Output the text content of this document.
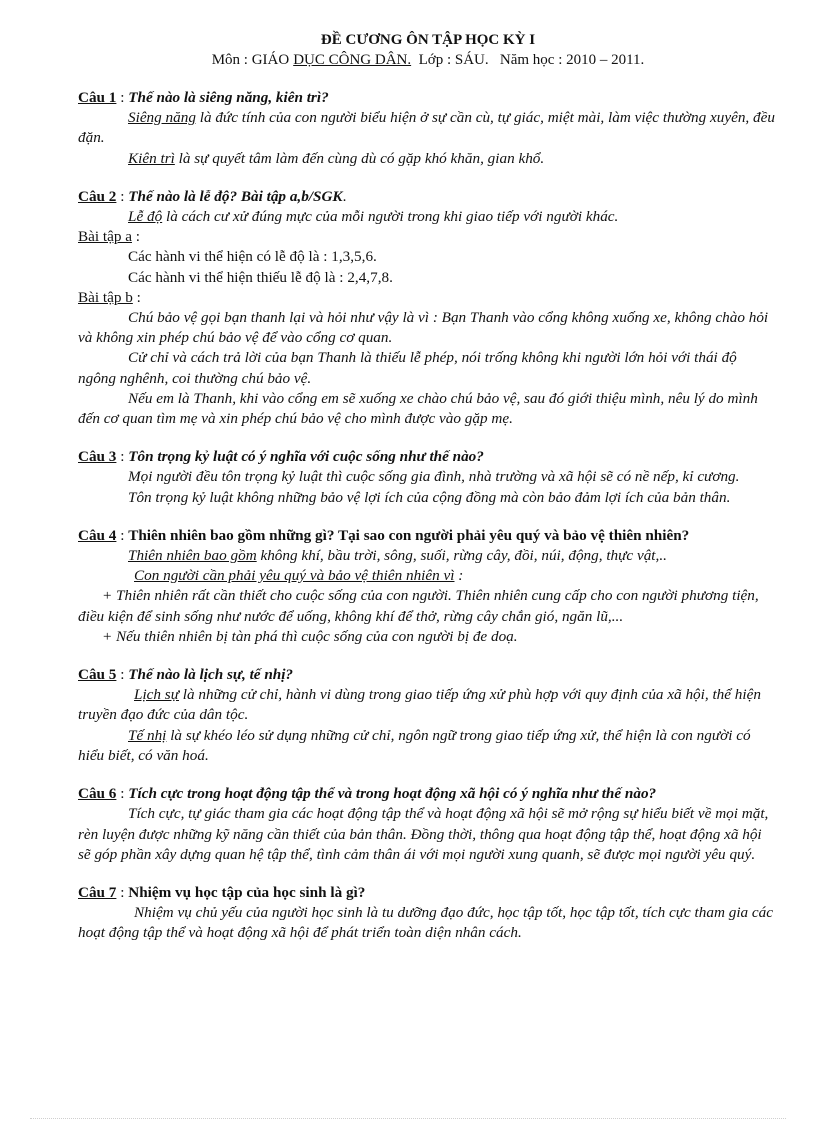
ĐỀ CƯƠNG ÔN TẬP HỌC KỲ I

Môn : GIÁO DỤC CÔNG DÂN.  Lớp : SÁU.   Năm học : 2010 – 2011.

Câu 1 : Thế nào là siêng năng, kiên trì?

Siêng năng là đức tính của con người biểu hiện ở sự cần cù, tự giác, miệt mài, làm việc thường xuyên, đều đặn.

Kiên trì là sự quyết tâm làm đến cùng dù có gặp khó khăn, gian khổ.

Câu 2 : Thế nào là lễ độ? Bài tập a,b/SGK.

Lễ độ là cách cư xử đúng mực của mỗi người trong khi giao tiếp với người khác.

Bài tập a :

Các hành vi thể hiện có lễ độ là : 1,3,5,6.

Các hành vi thể hiện thiếu lễ độ là : 2,4,7,8.

Bài tập b :

Chú bảo vệ gọi bạn thanh lại và hỏi như vậy là vì : Bạn Thanh vào cổng không xuống xe, không chào hỏi và không xin phép chú bảo vệ để vào cổng cơ quan.

Cử chỉ và cách trả lời của bạn Thanh là thiếu lễ phép, nói trống không khi người lớn hỏi với thái độ ngông nghênh, coi thường chú bảo vệ.

Nếu em là Thanh, khi vào cổng em sẽ xuống xe chào chú bảo vệ, sau đó giới thiệu mình, nêu lý do mình đến cơ quan tìm mẹ và xin phép chú bảo vệ cho mình được vào gặp mẹ.

Câu 3 : Tôn trọng kỷ luật có ý nghĩa với cuộc sống như thế nào?

Mọi người đều tôn trọng kỷ luật thì cuộc sống gia đình, nhà trường và xã hội sẽ có nề nếp, kỉ cương.

Tôn trọng kỷ luật không những bảo vệ lợi ích của cộng đồng mà còn bảo đảm lợi ích của bản thân.

Câu 4 : Thiên nhiên bao gồm những gì? Tại sao con người phải yêu quý và bảo vệ thiên nhiên?

Thiên nhiên bao gồm không khí, bầu trời, sông, suối, rừng cây, đồi, núi, động, thực vật,..

Con người cần phải yêu quý và bảo vệ thiên nhiên vì :

+ Thiên nhiên rất cần thiết cho cuộc sống của con người. Thiên nhiên cung cấp cho con người phương tiện, điều kiện để sinh sống như nước để uống, không khí để thở, rừng cây chắn gió, ngăn lũ,...

+ Nếu thiên nhiên bị tàn phá thì cuộc sống của con người bị đe doạ.

Câu 5 : Thế nào là lịch sự, tế nhị?

Lịch sự là những cử chỉ, hành vi dùng trong giao tiếp ứng xử phù hợp với quy định của xã hội, thể hiện truyền đạo đức của dân tộc.

Tế nhị là sự khéo léo sử dụng những cử chỉ, ngôn ngữ trong giao tiếp ứng xử, thể hiện là con người có hiểu biết, có văn hoá.

Câu 6 : Tích cực trong hoạt động tập thể và trong hoạt động xã hội có ý nghĩa như thế nào?

Tích cực, tự giác tham gia các hoạt động tập thể và hoạt động xã hội sẽ mở rộng sự hiểu biết về mọi mặt, rèn luyện được những kỹ năng cần thiết của bản thân. Đồng thời, thông qua hoạt động tập thể, hoạt động xã hội sẽ góp phần xây dựng quan hệ tập thể, tình cảm thân ái với mọi người xung quanh, sẽ được mọi người yêu quý.

Câu 7 : Nhiệm vụ học tập của học sinh là gì?

Nhiệm vụ chủ yếu của người học sinh là tu dưỡng đạo đức, học tập tốt, học tập tốt, tích cực tham gia các hoạt động tập thể và hoạt động xã hội để phát triển toàn diện nhân cách.
